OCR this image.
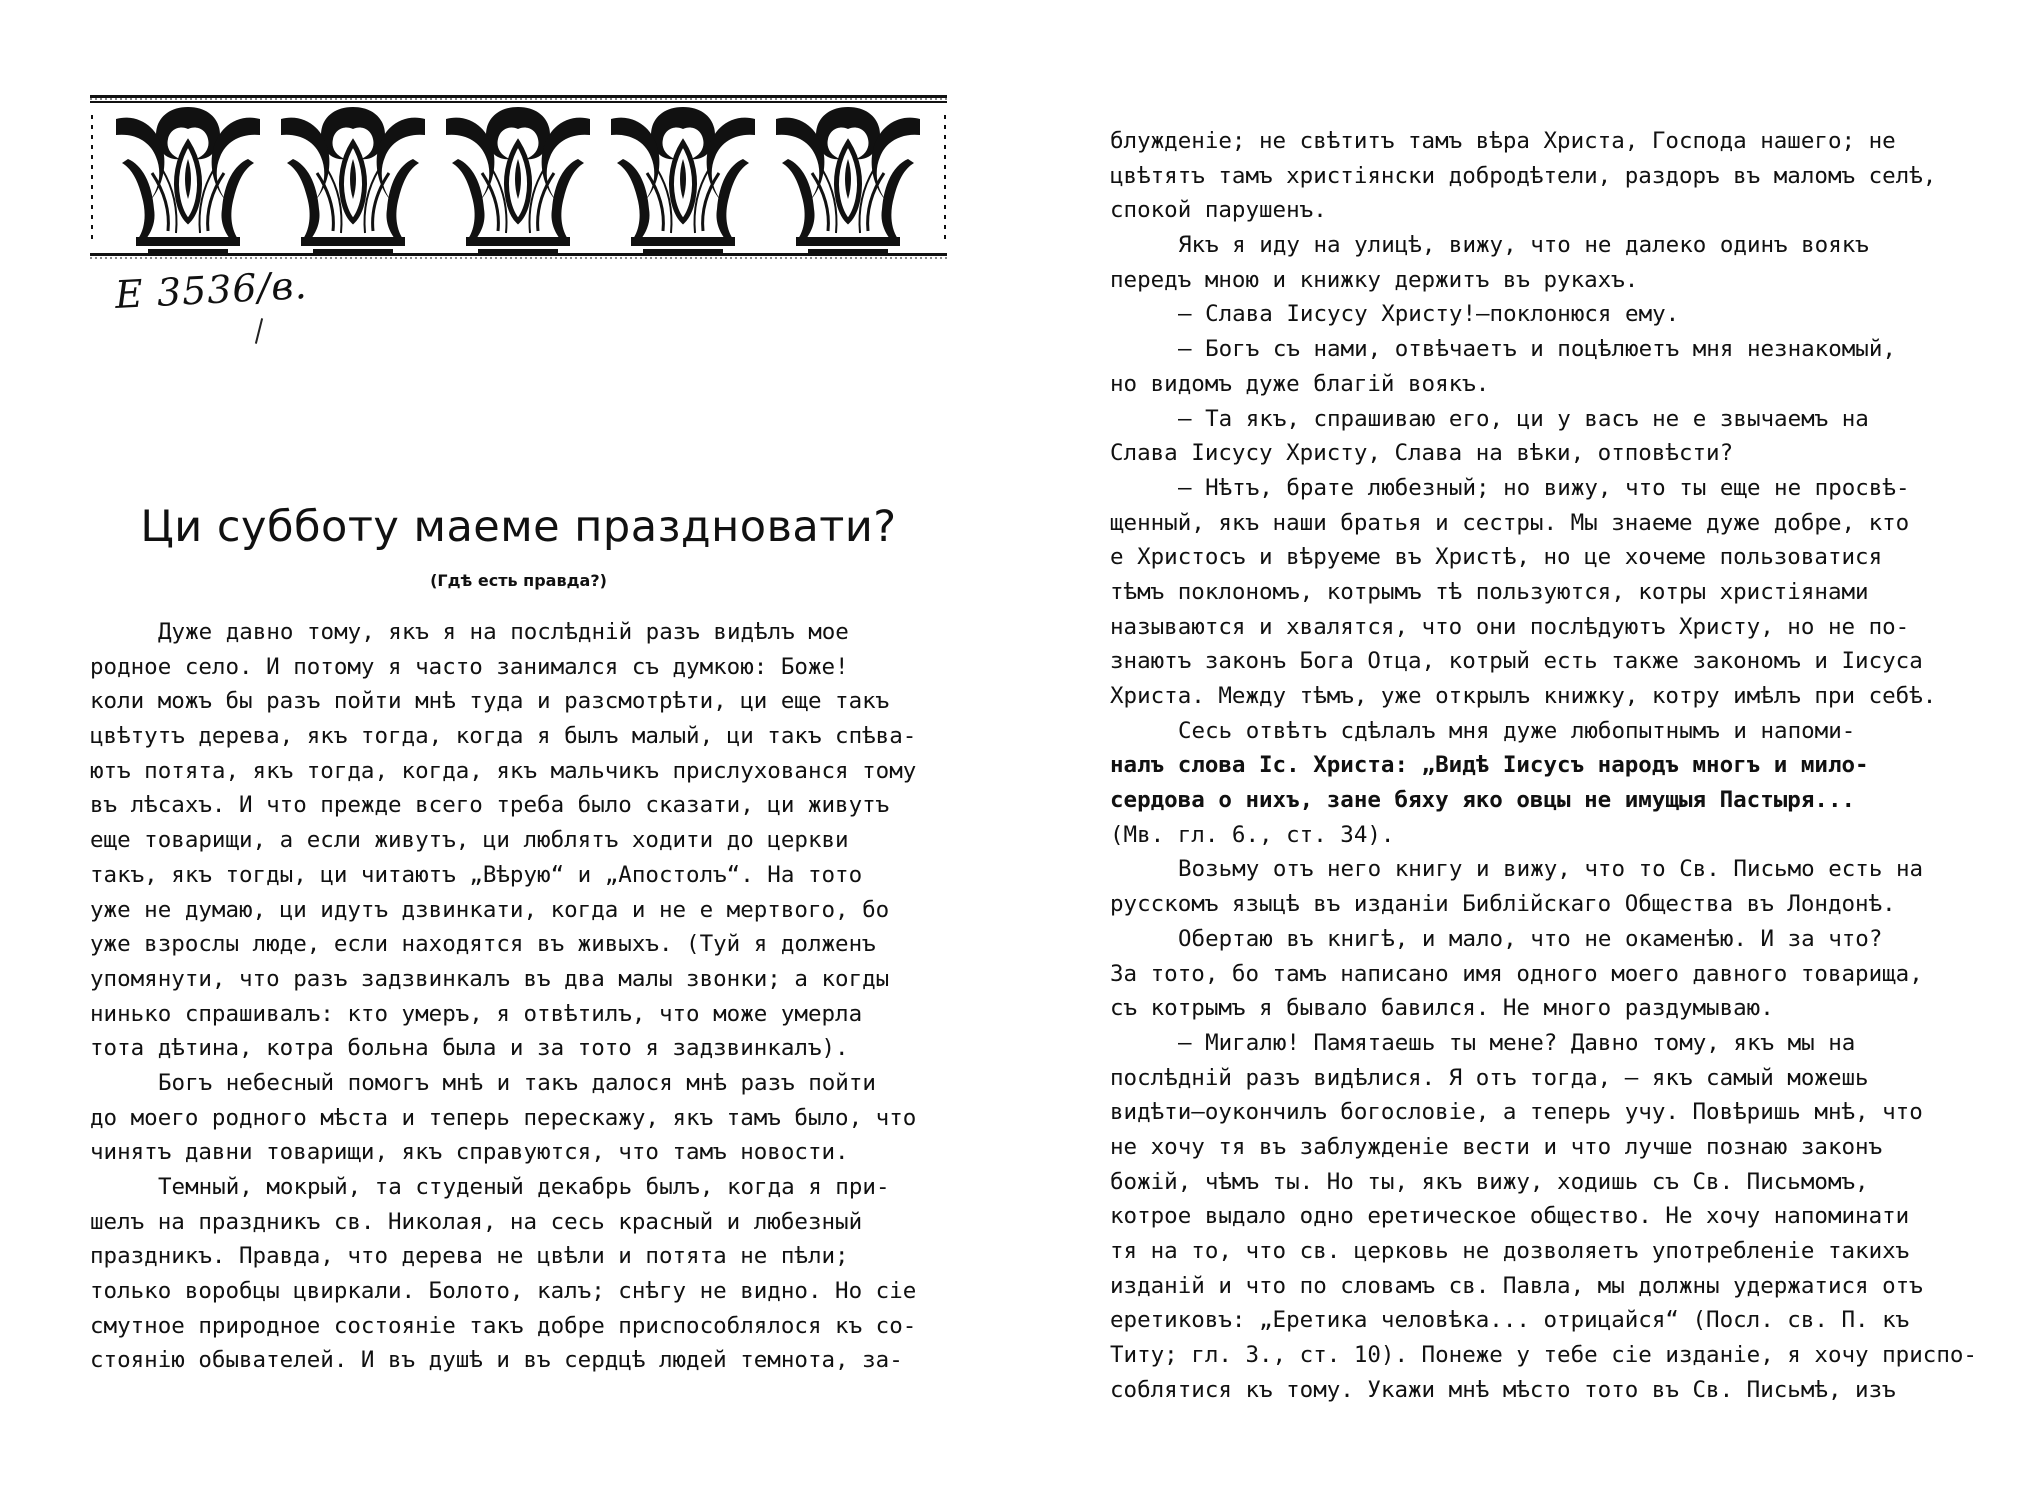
Е 3536/в.
Ци субботу маеме праздновати?
(Гдѣ есть правда?)
Дуже давно тому, якъ я на послѣдній разъ видѣлъ мое
родное село. И потому я часто занимался съ думкою: Боже!
коли можъ бы разъ пойти мнѣ туда и разсмотрѣти, ци еще такъ
цвѣтутъ дерева, якъ тогда, когда я былъ малый, ци такъ спѣва-
ютъ потята, якъ тогда, когда, якъ мальчикъ прислухованся тому
въ лѣсахъ. И что прежде всего треба было сказати, ци живутъ
еще товарищи, а если живутъ, ци люблятъ ходити до церкви
такъ, якъ тогды, ци читаютъ „Вѣрую“ и „Апостолъ“. На тото
уже не думаю, ци идутъ дзвинкати, когда и не е мертвого, бо
уже взрослы люде, если находятся въ живыхъ. (Туй я долженъ
упомянути, что разъ задзвинкалъ въ два малы звонки; а когды
нинько спрашивалъ: кто умеръ, я отвѣтилъ, что може умерла
тота дѣтина, котра больна была и за тото я задзвинкалъ).
Богъ небесный помогъ мнѣ и такъ далося мнѣ разъ пойти
до моего родного мѣста и теперь перескажу, якъ тамъ было, что
чинятъ давни товарищи, якъ справуются, что тамъ новости.
Темный, мокрый, та студеный декабрь былъ, когда я при-
шелъ на праздникъ св. Николая, на сесь красный и любезный
праздникъ. Правда, что дерева не цвѣли и потята не пѣли;
только воробцы цвиркали. Болото, калъ; снѣгу не видно. Но сіе
смутное природное состояніе такъ добре приспособлялося къ со-
стоянію обывателей. И въ душѣ и въ сердцѣ людей темнота, за-
блужденіе; не свѣтитъ тамъ вѣра Христа, Господа нашего; не
цвѣтятъ тамъ христіянски добродѣтели, раздоръ въ маломъ селѣ,
спокой парушенъ.
Якъ я иду на улицѣ, вижу, что не далеко одинъ воякъ
передъ мною и книжку держитъ въ рукахъ.
— Слава Іисусу Христу!—поклонюся ему.
— Богъ съ нами, отвѣчаетъ и поцѣлюетъ мня незнакомый,
но видомъ дуже благій воякъ.
— Та якъ, спрашиваю его, ци у васъ не е звычаемъ на
Слава Іисусу Христу, Слава на вѣки, отповѣсти?
— Нѣтъ, брате любезный; но вижу, что ты еще не просвѣ-
щенный, якъ наши братья и сестры. Мы знаеме дуже добре, кто
е Христосъ и вѣруеме въ Христѣ, но це хочеме пользоватися
тѣмъ поклономъ, котрымъ тѣ пользуются, котры христіянами
называются и хвалятся, что они послѣдуютъ Христу, но не по-
знаютъ законъ Бога Отца, котрый есть также закономъ и Іисуса
Христа. Между тѣмъ, уже открылъ книжку, котру имѣлъ при себѣ.
Сесь отвѣтъ сдѣлалъ мня дуже любопытнымъ и напоми-
налъ слова Іс. Христа: „Видѣ Іисусъ народъ многъ и мило-
сердова о нихъ, зане бяху яко овцы не имущыя Пастыря...
(Мв. гл. 6., ст. 34).
Возьму отъ него книгу и вижу, что то Св. Письмо есть на
русскомъ языцѣ въ изданіи Библійскаго Общества въ Лондонѣ.
Обертаю въ книгѣ, и мало, что не окаменѣю. И за что?
За тото, бо тамъ написано имя одного моего давного товарища,
съ котрымъ я бывало бавился. Не много раздумываю.
— Мигалю! Памятаешь ты мене? Давно тому, якъ мы на
послѣдній разъ видѣлися. Я отъ тогда, — якъ самый можешь
видѣти—оукончилъ богословіе, а теперь учу. Повѣришь мнѣ, что
не хочу тя въ заблужденіе вести и что лучше познаю законъ
божій, чѣмъ ты. Но ты, якъ вижу, ходишь съ Св. Письмомъ,
котрое выдало одно еретическое общество. Не хочу напоминати
тя на то, что св. церковь не дозволяетъ употребленіе такихъ
изданій и что по словамъ св. Павла, мы должны удержатися отъ
еретиковъ: „Еретика человѣка... отрицайся“ (Посл. св. П. къ
Титу; гл. 3., ст. 10). Понеже у тебе сіе изданіе, я хочу приспо-
соблятися къ тому. Укажи мнѣ мѣсто тото въ Св. Письмѣ, изъ
